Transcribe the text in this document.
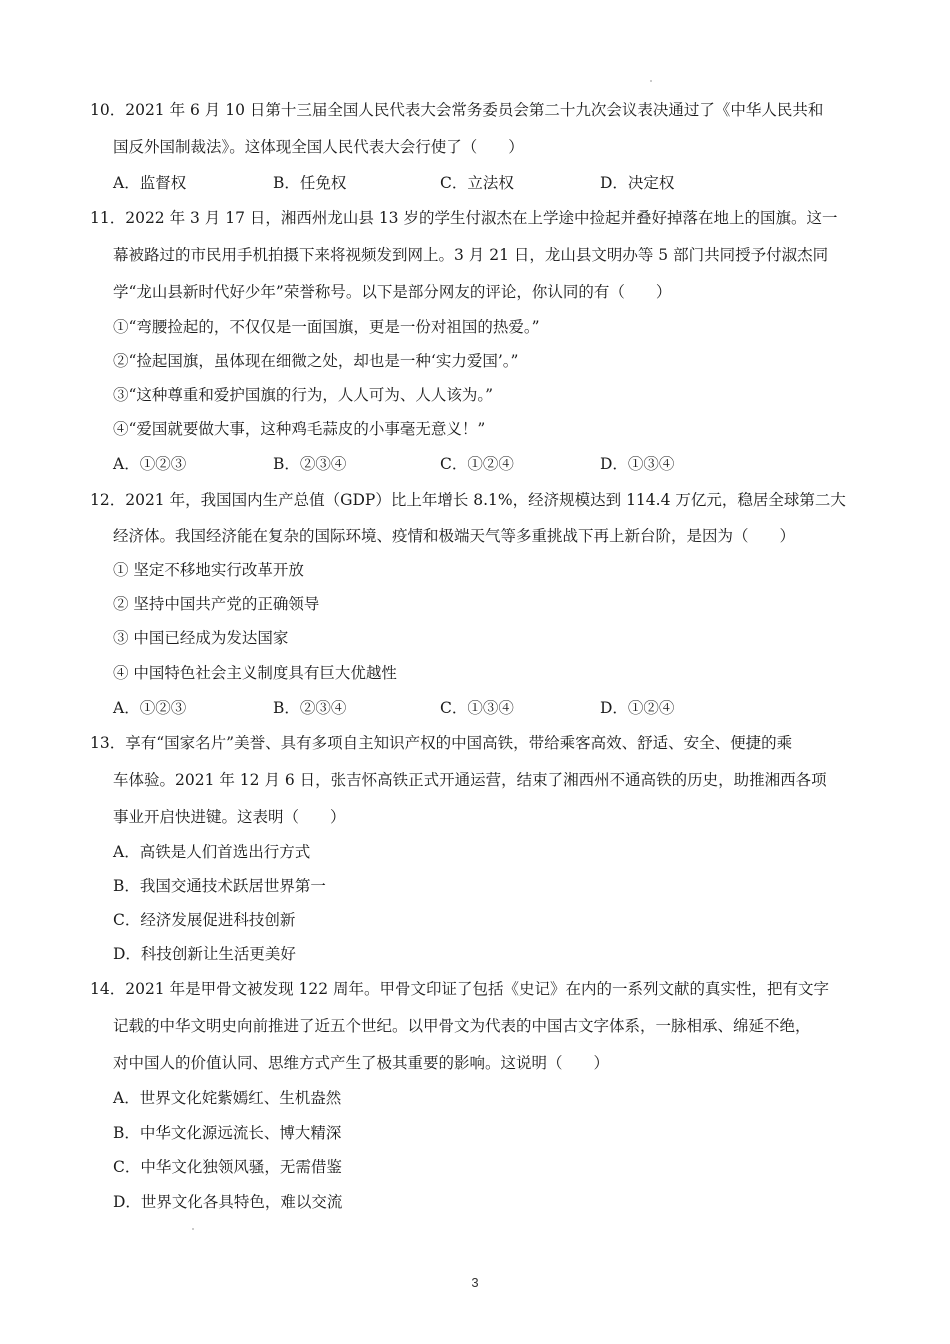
10．2021 年 6 月 10 日第十三届全国人民代表大会常务委员会第二十九次会议表决通过了《中华人民共和
国反外国制裁法》。这体现全国人民代表大会行使了（　　）
A．监督权	B．任免权	C．立法权	D．决定权
11．2022 年 3 月 17 日，湘西州龙山县 13 岁的学生付淑杰在上学途中捡起并叠好掉落在地上的国旗。这一
幕被路过的市民用手机拍摄下来将视频发到网上。3 月 21 日，龙山县文明办等 5 部门共同授予付淑杰同
学“龙山县新时代好少年”荣誉称号。以下是部分网友的评论，你认同的有（　　）
①“弯腰捡起的，不仅仅是一面国旗，更是一份对祖国的热爱。”
②“捡起国旗，虽体现在细微之处，却也是一种‘实力爱国’。”
③“这种尊重和爱护国旗的行为，人人可为、人人该为。”
④“爱国就要做大事，这种鸡毛蒜皮的小事毫无意义！”
A．①②③	B．②③④	C．①②④	D．①③④
12．2021 年，我国国内生产总值（GDP）比上年增长 8.1%，经济规模达到 114.4 万亿元，稳居全球第二大
经济体。我国经济能在复杂的国际环境、疫情和极端天气等多重挑战下再上新台阶，是因为（　　）
① 坚定不移地实行改革开放
② 坚持中国共产党的正确领导
③ 中国已经成为发达国家
④ 中国特色社会主义制度具有巨大优越性
A．①②③	B．②③④	C．①③④	D．①②④
13．享有“国家名片”美誉、具有多项自主知识产权的中国高铁，带给乘客高效、舒适、安全、便捷的乘
车体验。2021 年 12 月 6 日，张吉怀高铁正式开通运营，结束了湘西州不通高铁的历史，助推湘西各项
事业开启快进键。这表明（　　）
A．高铁是人们首选出行方式
B．我国交通技术跃居世界第一
C．经济发展促进科技创新
D．科技创新让生活更美好
14．2021 年是甲骨文被发现 122 周年。甲骨文印证了包括《史记》在内的一系列文献的真实性，把有文字
记载的中华文明史向前推进了近五个世纪。以甲骨文为代表的中国古文字体系，一脉相承、绵延不绝，
对中国人的价值认同、思维方式产生了极其重要的影响。这说明（　　）
A．世界文化姹紫嫣红、生机盎然
B．中华文化源远流长、博大精深
C．中华文化独领风骚，无需借鉴
D．世界文化各具特色，难以交流
3
